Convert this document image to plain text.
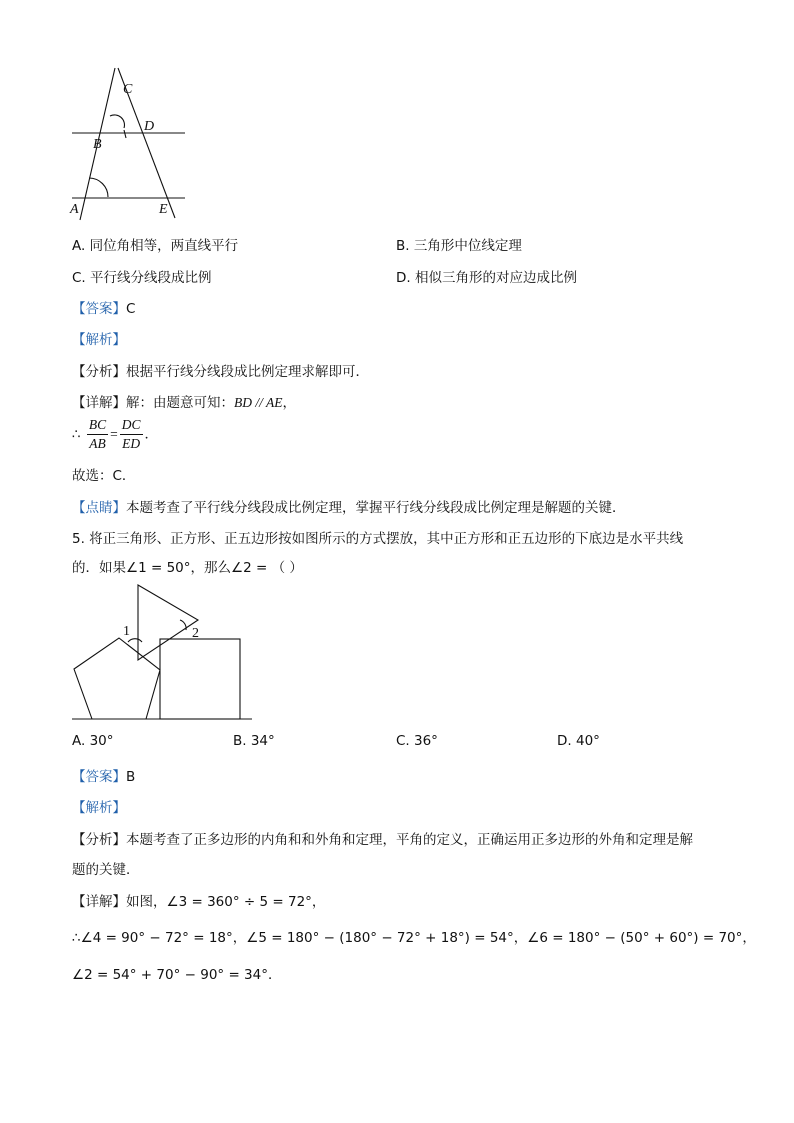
C
D
B
A	E
A. 同位角相等，两直线平行	B. 三角形中位线定理
C. 平行线分线段成比例	D. 相似三角形的对应边成比例
【答案】C
【解析】
【分析】根据平行线分线段成比例定理求解即可．
【详解】解：由题意可知：BD // AE，
∴ $\frac{BC}{AB} = \frac{DC}{ED}$ ．
故选：C．
【点睛】本题考查了平行线分线段成比例定理，掌握平行线分线段成比例定理是解题的关键．
5. 将正三角形、正方形、正五边形按如图所示的方式摆放，其中正方形和正五边形的下底边是水平共线
的．如果∠1 = 50°，那么∠2 = （ ）
1	2
A. 30°	B. 34°	C. 36°	D. 40°
【答案】B
【解析】
【分析】本题考查了正多边形的内角和和外角和定理，平角的定义，正确运用正多边形的外角和定理是解
题的关键．
【详解】如图，∠3 = 360° ÷ 5 = 72°，
∴∠4 = 90° − 72° = 18°，∠5 = 180° − (180° − 72° + 18°) = 54°，∠6 = 180° − (50° + 60°) = 70°，
∠2 = 54° + 70° − 90° = 34°．
